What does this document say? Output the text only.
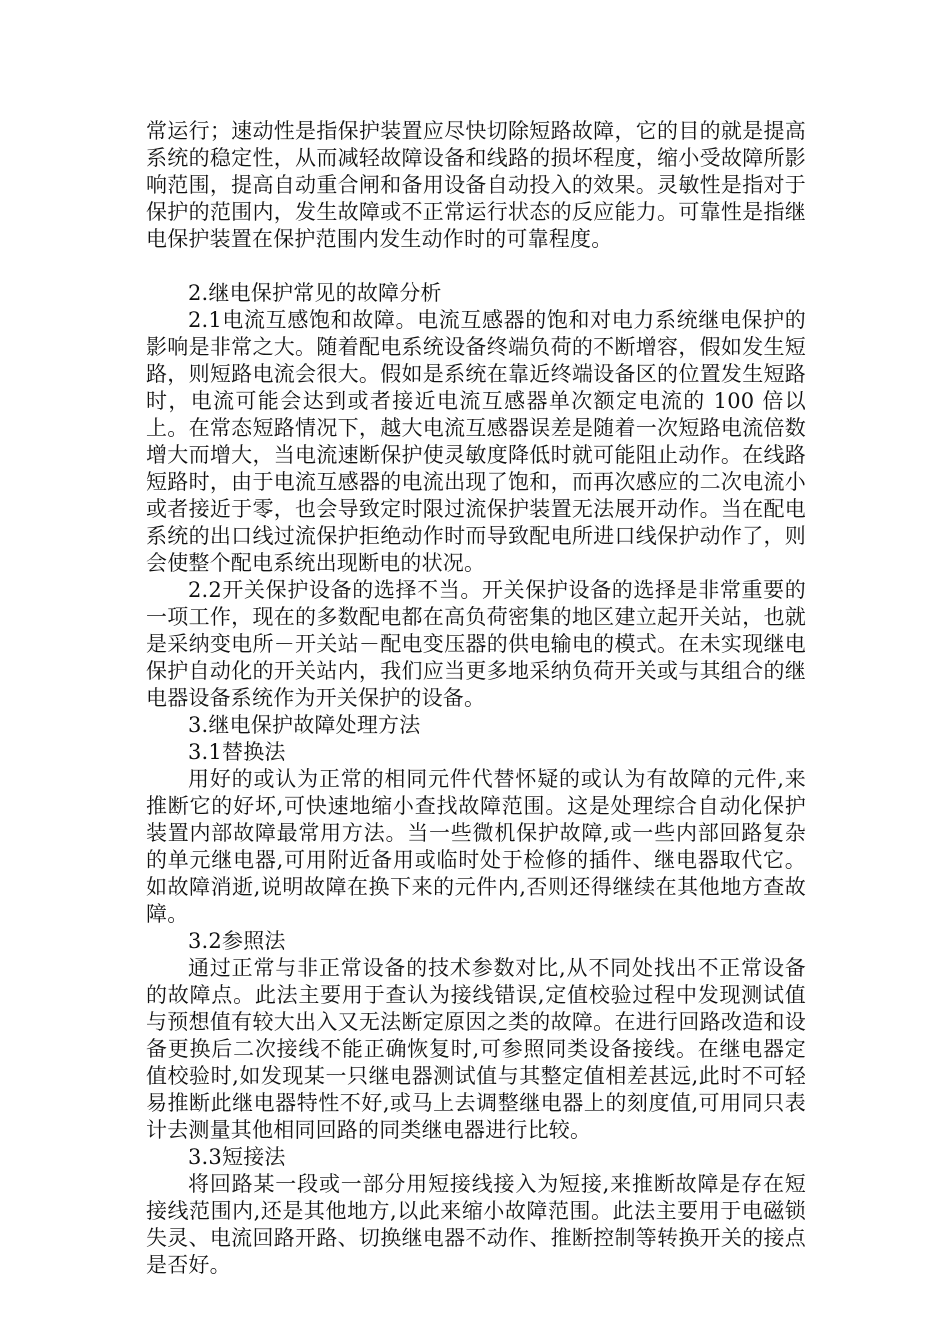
常运行；速动性是指保护装置应尽快切除短路故障，它的目的就是提高系统的稳定性，从而减轻故障设备和线路的损坏程度，缩小受故障所影响范围，提高自动重合闸和备用设备自动投入的效果。灵敏性是指对于保护的范围内，发生故障或不正常运行状态的反应能力。可靠性是指继电保护装置在保护范围内发生动作时的可靠程度。

2.继电保护常见的故障分析

2.1电流互感饱和故障。电流互感器的饱和对电力系统继电保护的影响是非常之大。随着配电系统设备终端负荷的不断增容，假如发生短路，则短路电流会很大。假如是系统在靠近终端设备区的位置发生短路时，电流可能会达到或者接近电流互感器单次额定电流的 100 倍以上。在常态短路情况下，越大电流互感器误差是随着一次短路电流倍数增大而增大，当电流速断保护使灵敏度降低时就可能阻止动作。在线路短路时，由于电流互感器的电流出现了饱和，而再次感应的二次电流小或者接近于零，也会导致定时限过流保护装置无法展开动作。当在配电系统的出口线过流保护拒绝动作时而导致配电所进口线保护动作了，则会使整个配电系统出现断电的状况。

2.2开关保护设备的选择不当。开关保护设备的选择是非常重要的一项工作，现在的多数配电都在高负荷密集的地区建立起开关站，也就是采纳变电所－开关站－配电变压器的供电输电的模式。在未实现继电保护自动化的开关站内，我们应当更多地采纳负荷开关或与其组合的继电器设备系统作为开关保护的设备。

3.继电保护故障处理方法

3.1替换法

用好的或认为正常的相同元件代替怀疑的或认为有故障的元件,来推断它的好坏,可快速地缩小查找故障范围。这是处理综合自动化保护装置内部故障最常用方法。当一些微机保护故障,或一些内部回路复杂的单元继电器,可用附近备用或临时处于检修的插件、继电器取代它。如故障消逝,说明故障在换下来的元件内,否则还得继续在其他地方查故障。

3.2参照法

通过正常与非正常设备的技术参数对比,从不同处找出不正常设备的故障点。此法主要用于查认为接线错误,定值校验过程中发现测试值与预想值有较大出入又无法断定原因之类的故障。在进行回路改造和设备更换后二次接线不能正确恢复时,可参照同类设备接线。在继电器定值校验时,如发现某一只继电器测试值与其整定值相差甚远,此时不可轻易推断此继电器特性不好,或马上去调整继电器上的刻度值,可用同只表计去测量其他相同回路的同类继电器进行比较。

3.3短接法

将回路某一段或一部分用短接线接入为短接,来推断故障是存在短接线范围内,还是其他地方,以此来缩小故障范围。此法主要用于电磁锁失灵、电流回路开路、切换继电器不动作、推断控制等转换开关的接点是否好。
